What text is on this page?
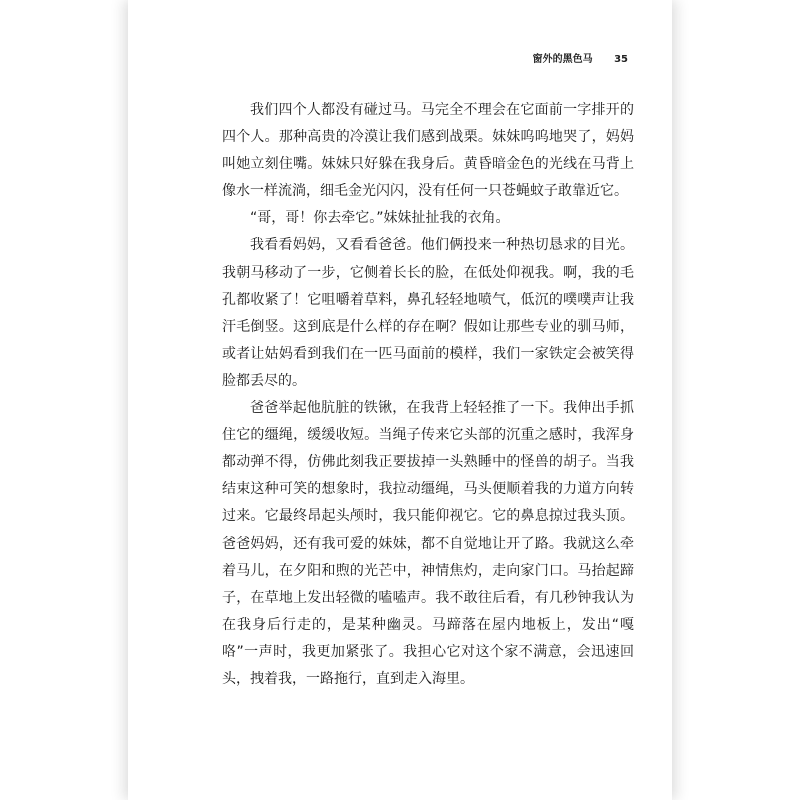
窗外的黑色马 35

我们四个人都没有碰过马。马完全不理会在它面前一字排开的四个人。那种高贵的冷漠让我们感到战栗。妹妹呜呜地哭了，妈妈叫她立刻住嘴。妹妹只好躲在我身后。黄昏暗金色的光线在马背上像水一样流淌，细毛金光闪闪，没有任何一只苍蝇蚊子敢靠近它。

“哥，哥！你去牵它。”妹妹扯扯我的衣角。

我看看妈妈，又看看爸爸。他们俩投来一种热切恳求的目光。我朝马移动了一步，它侧着长长的脸，在低处仰视我。啊，我的毛孔都收紧了！它咀嚼着草料，鼻孔轻轻地喷气，低沉的噗噗声让我汗毛倒竖。这到底是什么样的存在啊？假如让那些专业的驯马师，或者让姑妈看到我们在一匹马面前的模样，我们一家铁定会被笑得脸都丢尽的。

爸爸举起他肮脏的铁锹，在我背上轻轻推了一下。我伸出手抓住它的缰绳，缓缓收短。当绳子传来它头部的沉重之感时，我浑身都动弹不得，仿佛此刻我正要拔掉一头熟睡中的怪兽的胡子。当我结束这种可笑的想象时，我拉动缰绳，马头便顺着我的力道方向转过来。它最终昂起头颅时，我只能仰视它。它的鼻息掠过我头顶。爸爸妈妈，还有我可爱的妹妹，都不自觉地让开了路。我就这么牵着马儿，在夕阳和煦的光芒中，神情焦灼，走向家门口。马抬起蹄子，在草地上发出轻微的嗑嗑声。我不敢往后看，有几秒钟我认为在我身后行走的，是某种幽灵。马蹄落在屋内地板上，发出“嘎咯”一声时，我更加紧张了。我担心它对这个家不满意，会迅速回头，拽着我，一路拖行，直到走入海里。
